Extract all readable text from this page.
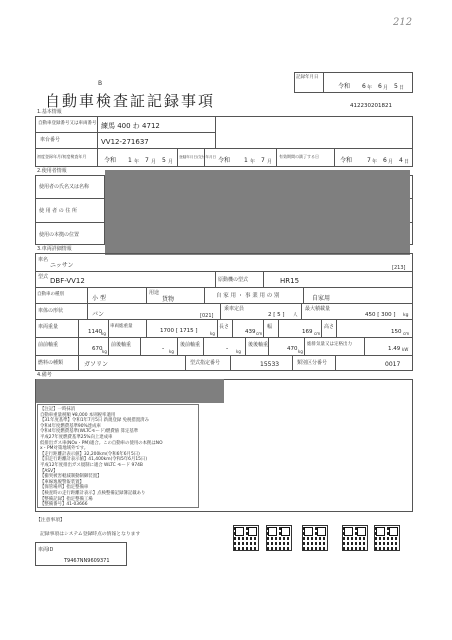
212
B
自動車検査証記録事項
記録年月日
令和 6 年 6 月 5 日
412230201821
1.基本情報
自動車登録番号又は車両番号 練馬 400 わ 4712
車台番号	VV12-271637
初度登録年月/初度検査年月
令和 1 年 7 月 5 月
登録年月日/交付年月日 令和 1 年 7 月
有効期間の満了する日
令和 7 年 6 月 4 日
2.使用者情報
使用者の氏名又は名称
使 用 者 の 住 所
使用の本拠の位置
3.車両詳細情報
車名
ニッサン	[213]
型式 DBF-VV12	原動機の型式	HR15
自動車の種別
小 型
用途
貨物	自 家 用 ・ 事 業 用 の 別	自家用
車体の形状	バン	[021]
乗車定員
2 [ 5 ] 人
最大積載量
450 [ 300 ] kg
車両重量
1140 kg
車両総重量
1700 [ 1715 ]	kg
長さ
439 cm
幅
169 cm
高さ
150 cm
前前軸重
670 kg
前後軸重	- kg
後前軸重	- kg
後後軸重
470 kg
総排気量又は定格出力
1.49 kW
燃料の種類	ガソリン	型式指定番号	15533	類別区分番号	0017
4.備考
【注記】一時抹消
自動車重量税額 ¥8,000 本則税率適用
【31年度基準】令和1年7月5日 新規登録 免税措置済み
令和4年度燃費基準90%達成車
令和4年度燃費基準(WLTCモード)燃費値 算定基準
平成27年度燃費基準25%向上達成車
低排出ガス車(NOx・PM)適合。この自動車の使用の本拠はNO
x・PM対策地域外です。
【走行距離計表示値】32,200km(令和6年6月5日)
【旧走行距離計表示値】41,400km(令和5年6月15日)
平成12年度排出ガス規制に適合 WLTC モード 974B
【ASV】
【衝突被害軽減制動制御装置】
【車線逸脱警報装置】
【保管場所】指定整備車
【検査時の走行距離計表示】点検整備記録簿記載あり
【整備記録】指定整備工場
【整備番号】41-03666
【注意事項】
記録事項はシステム登録時点の情報となります
車両ID
T9467NN9609371
